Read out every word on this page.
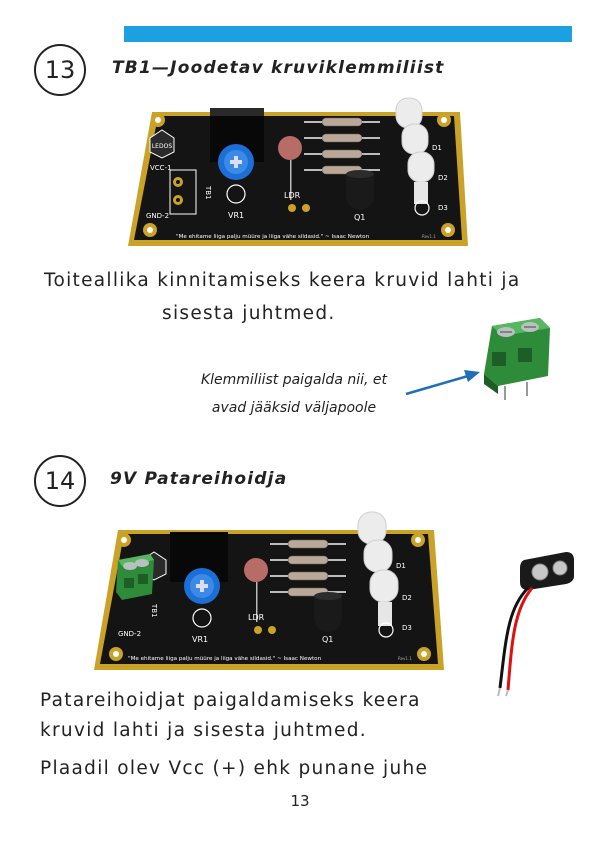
13	TB1—Joodetav kruviklemmiliist
LEDOS
VCC-1
TB1
GND-2	VR1
LDR
Q1
D1
D2
D3
"Me ehitame liiga palju müüre ja liiga vähe sildasid." ~ Isaac Newton	Rev1.1
Toiteallika kinnitamiseks keera kruvid lahti ja
sisesta juhtmed.
Klemmiliist paigalda nii, et
avad jääksid väljapoole
14	9V Patareihoidja
TB1
GND-2
VR1
LDR
Q1
D1
D2
D3
"Me ehitame liiga palju müüre ja liiga vähe sildasid." ~ Isaac Newton	Rev1.1
Patareihoidjat paigaldamiseks keera
kruvid lahti ja sisesta juhtmed.
Plaadil olev Vcc (+) ehk punane juhe
13
